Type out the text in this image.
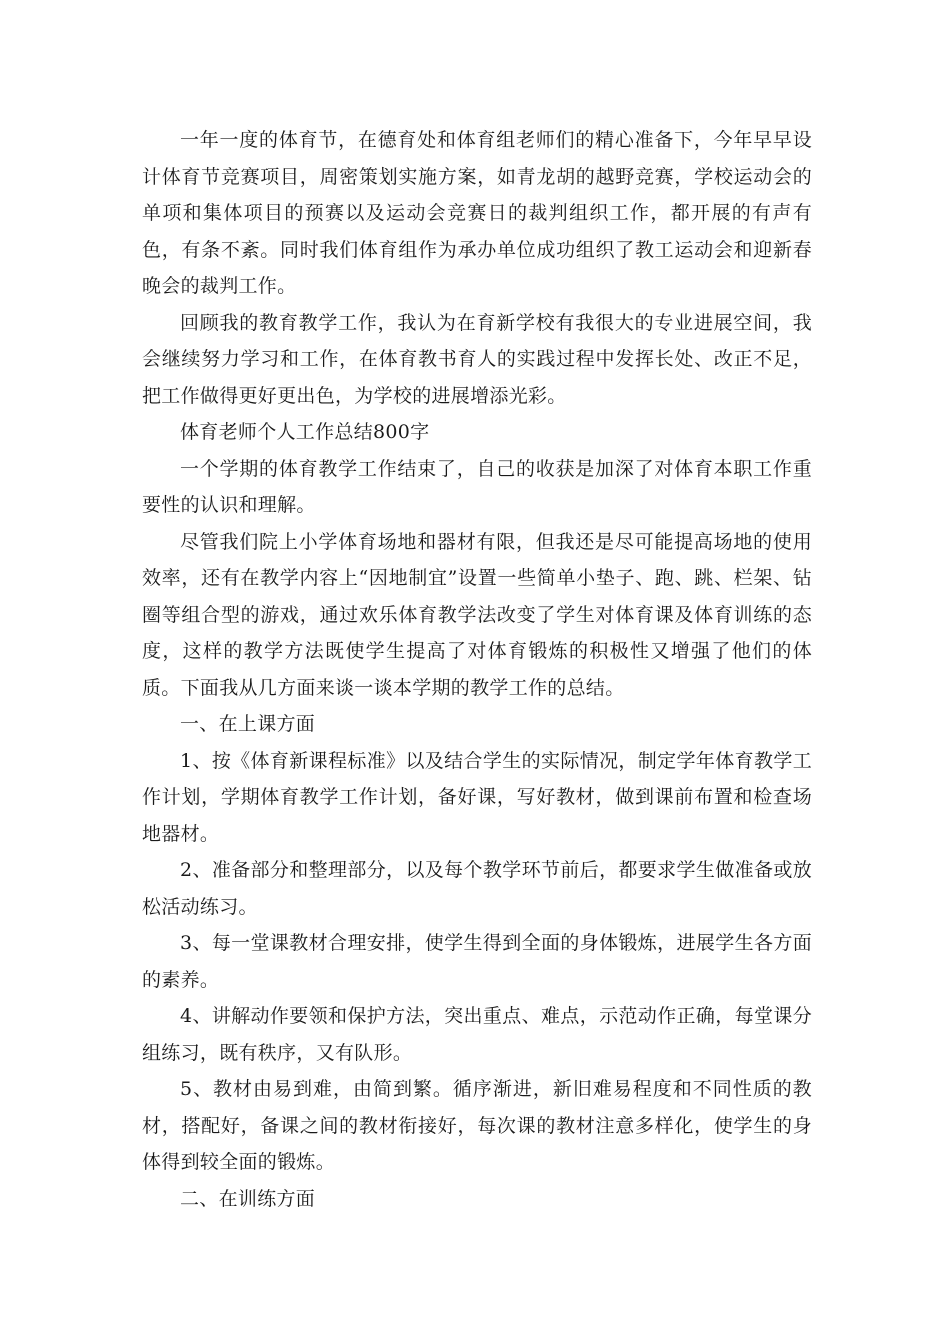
一年一度的体育节，在德育处和体育组老师们的精心准备下，今年早早设计体育节竞赛项目，周密策划实施方案，如青龙胡的越野竞赛，学校运动会的单项和集体项目的预赛以及运动会竞赛日的裁判组织工作，都开展的有声有色，有条不紊。同时我们体育组作为承办单位成功组织了教工运动会和迎新春晚会的裁判工作。

回顾我的教育教学工作，我认为在育新学校有我很大的专业进展空间，我会继续努力学习和工作，在体育教书育人的实践过程中发挥长处、改正不足，把工作做得更好更出色，为学校的进展增添光彩。

体育老师个人工作总结800字

一个学期的体育教学工作结束了，自己的收获是加深了对体育本职工作重要性的认识和理解。

尽管我们院上小学体育场地和器材有限，但我还是尽可能提高场地的使用效率，还有在教学内容上“因地制宜”设置一些简单小垫子、跑、跳、栏架、钻圈等组合型的游戏，通过欢乐体育教学法改变了学生对体育课及体育训练的态度，这样的教学方法既使学生提高了对体育锻炼的积极性又增强了他们的体质。下面我从几方面来谈一谈本学期的教学工作的总结。

一、在上课方面

1、按《体育新课程标准》以及结合学生的实际情况，制定学年体育教学工作计划，学期体育教学工作计划，备好课，写好教材，做到课前布置和检查场地器材。

2、准备部分和整理部分，以及每个教学环节前后，都要求学生做准备或放松活动练习。

3、每一堂课教材合理安排，使学生得到全面的身体锻炼，进展学生各方面的素养。

4、讲解动作要领和保护方法，突出重点、难点，示范动作正确，每堂课分组练习，既有秩序，又有队形。

5、教材由易到难，由简到繁。循序渐进，新旧难易程度和不同性质的教材，搭配好，备课之间的教材衔接好，每次课的教材注意多样化，使学生的身体得到较全面的锻炼。

二、在训练方面
